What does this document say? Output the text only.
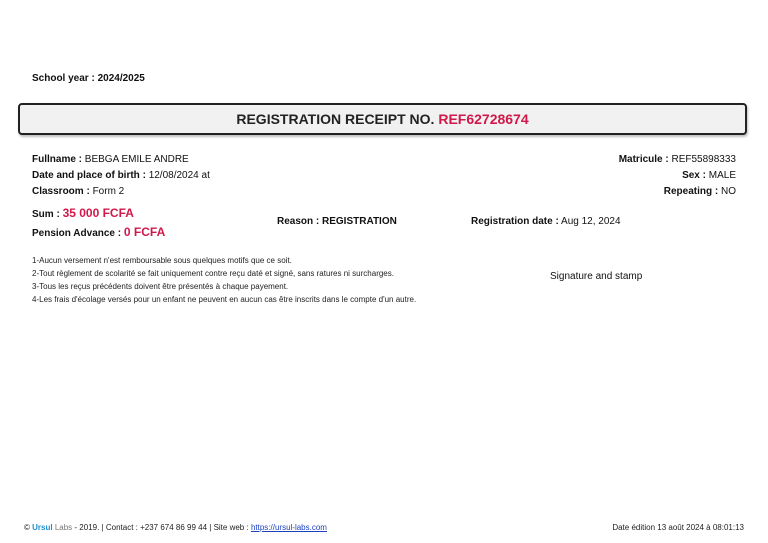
School year : 2024/2025
REGISTRATION RECEIPT NO.
REF62728674
Fullname : BEBGA EMILE ANDRE
Date and place of birth : 12/08/2024 at
Classroom : Form 2
Matricule : REF55898333
Sex : MALE
Repeating : NO
Sum : 35 000 FCFA
Pension Advance : 0 FCFA
Reason : REGISTRATION	Registration date : Aug 12, 2024
1-Aucun versement n'est remboursable sous quelques motifs que ce soit.
2-Tout règlement de scolarité se fait uniquement contre reçu daté et signé, sans ratures ni surcharges.
3-Tous les reçus précédents doivent être présentés à chaque payement.
4-Les frais d'écolage versés pour un enfant ne peuvent en aucun cas être inscrits dans le compte d'un autre.
Signature and stamp
© Ursul Labs - 2019. | Contact : +237 674 86 99 44 | Site web : https://ursul-labs.com	Date édition 13 août 2024 à 08:01:13
